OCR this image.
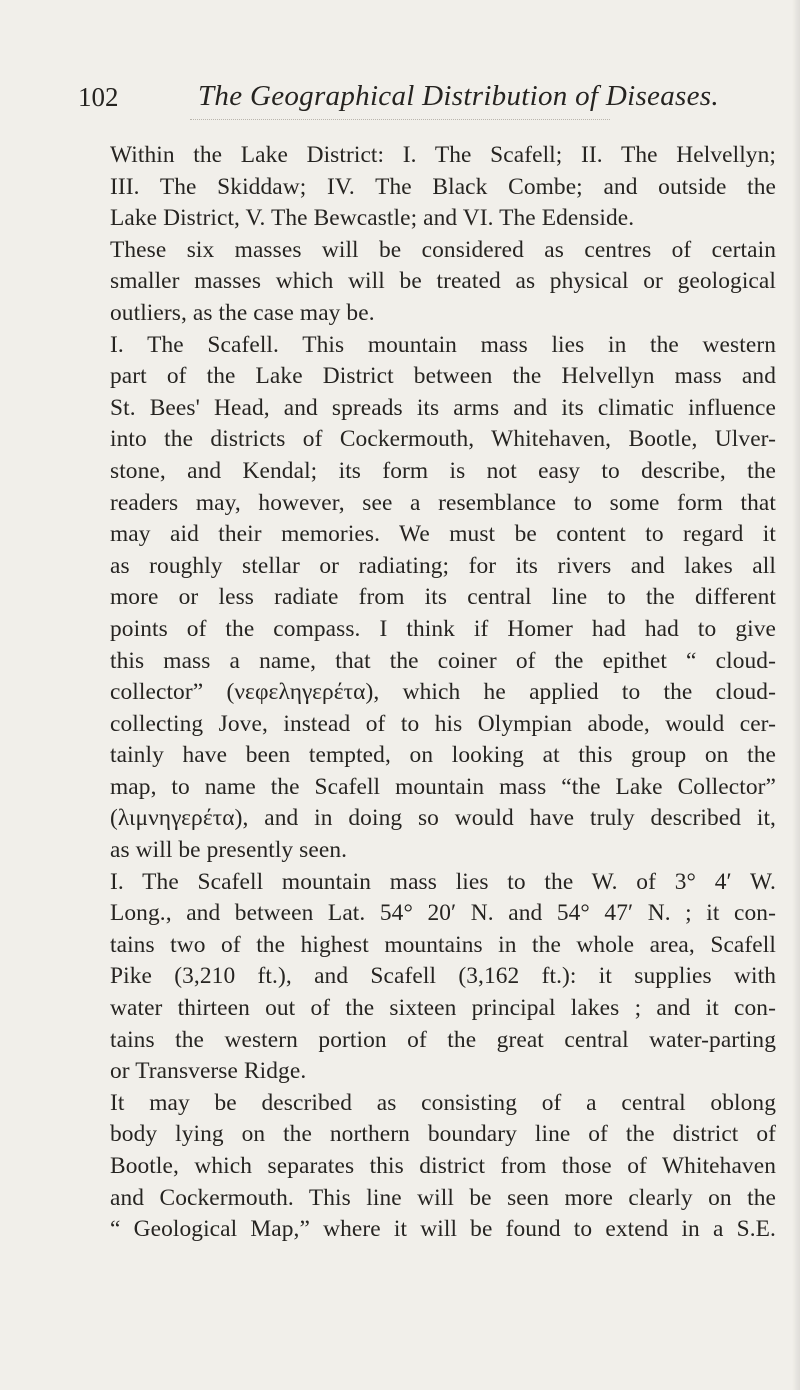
102	The Geographical Distribution of Diseases.
Within the Lake District: I. The Scafell; II. The Helvellyn;
III. The Skiddaw; IV. The Black Combe; and outside the
Lake District, V. The Bewcastle; and VI. The Edenside.
These six masses will be considered as centres of certain
smaller masses which will be treated as physical or geological
outliers, as the case may be.
I. The Scafell. This mountain mass lies in the western
part of the Lake District between the Helvellyn mass and
St. Bees' Head, and spreads its arms and its climatic influence
into the districts of Cockermouth, Whitehaven, Bootle, Ulver-
stone, and Kendal; its form is not easy to describe, the
readers may, however, see a resemblance to some form that
may aid their memories. We must be content to regard it
as roughly stellar or radiating; for its rivers and lakes all
more or less radiate from its central line to the different
points of the compass. I think if Homer had had to give
this mass a name, that the coiner of the epithet “ cloud-
collector” (νεφεληγερέτα), which he applied to the cloud-
collecting Jove, instead of to his Olympian abode, would cer-
tainly have been tempted, on looking at this group on the
map, to name the Scafell mountain mass “the Lake Collector”
(λιμνηγερέτα), and in doing so would have truly described it,
as will be presently seen.
I. The Scafell mountain mass lies to the W. of 3° 4′ W.
Long., and between Lat. 54° 20′ N. and 54° 47′ N. ; it con-
tains two of the highest mountains in the whole area, Scafell
Pike (3,210 ft.), and Scafell (3,162 ft.): it supplies with
water thirteen out of the sixteen principal lakes ; and it con-
tains the western portion of the great central water-parting
or Transverse Ridge.
It may be described as consisting of a central oblong
body lying on the northern boundary line of the district of
Bootle, which separates this district from those of Whitehaven
and Cockermouth. This line will be seen more clearly on the
“ Geological Map,” where it will be found to extend in a S.E.
